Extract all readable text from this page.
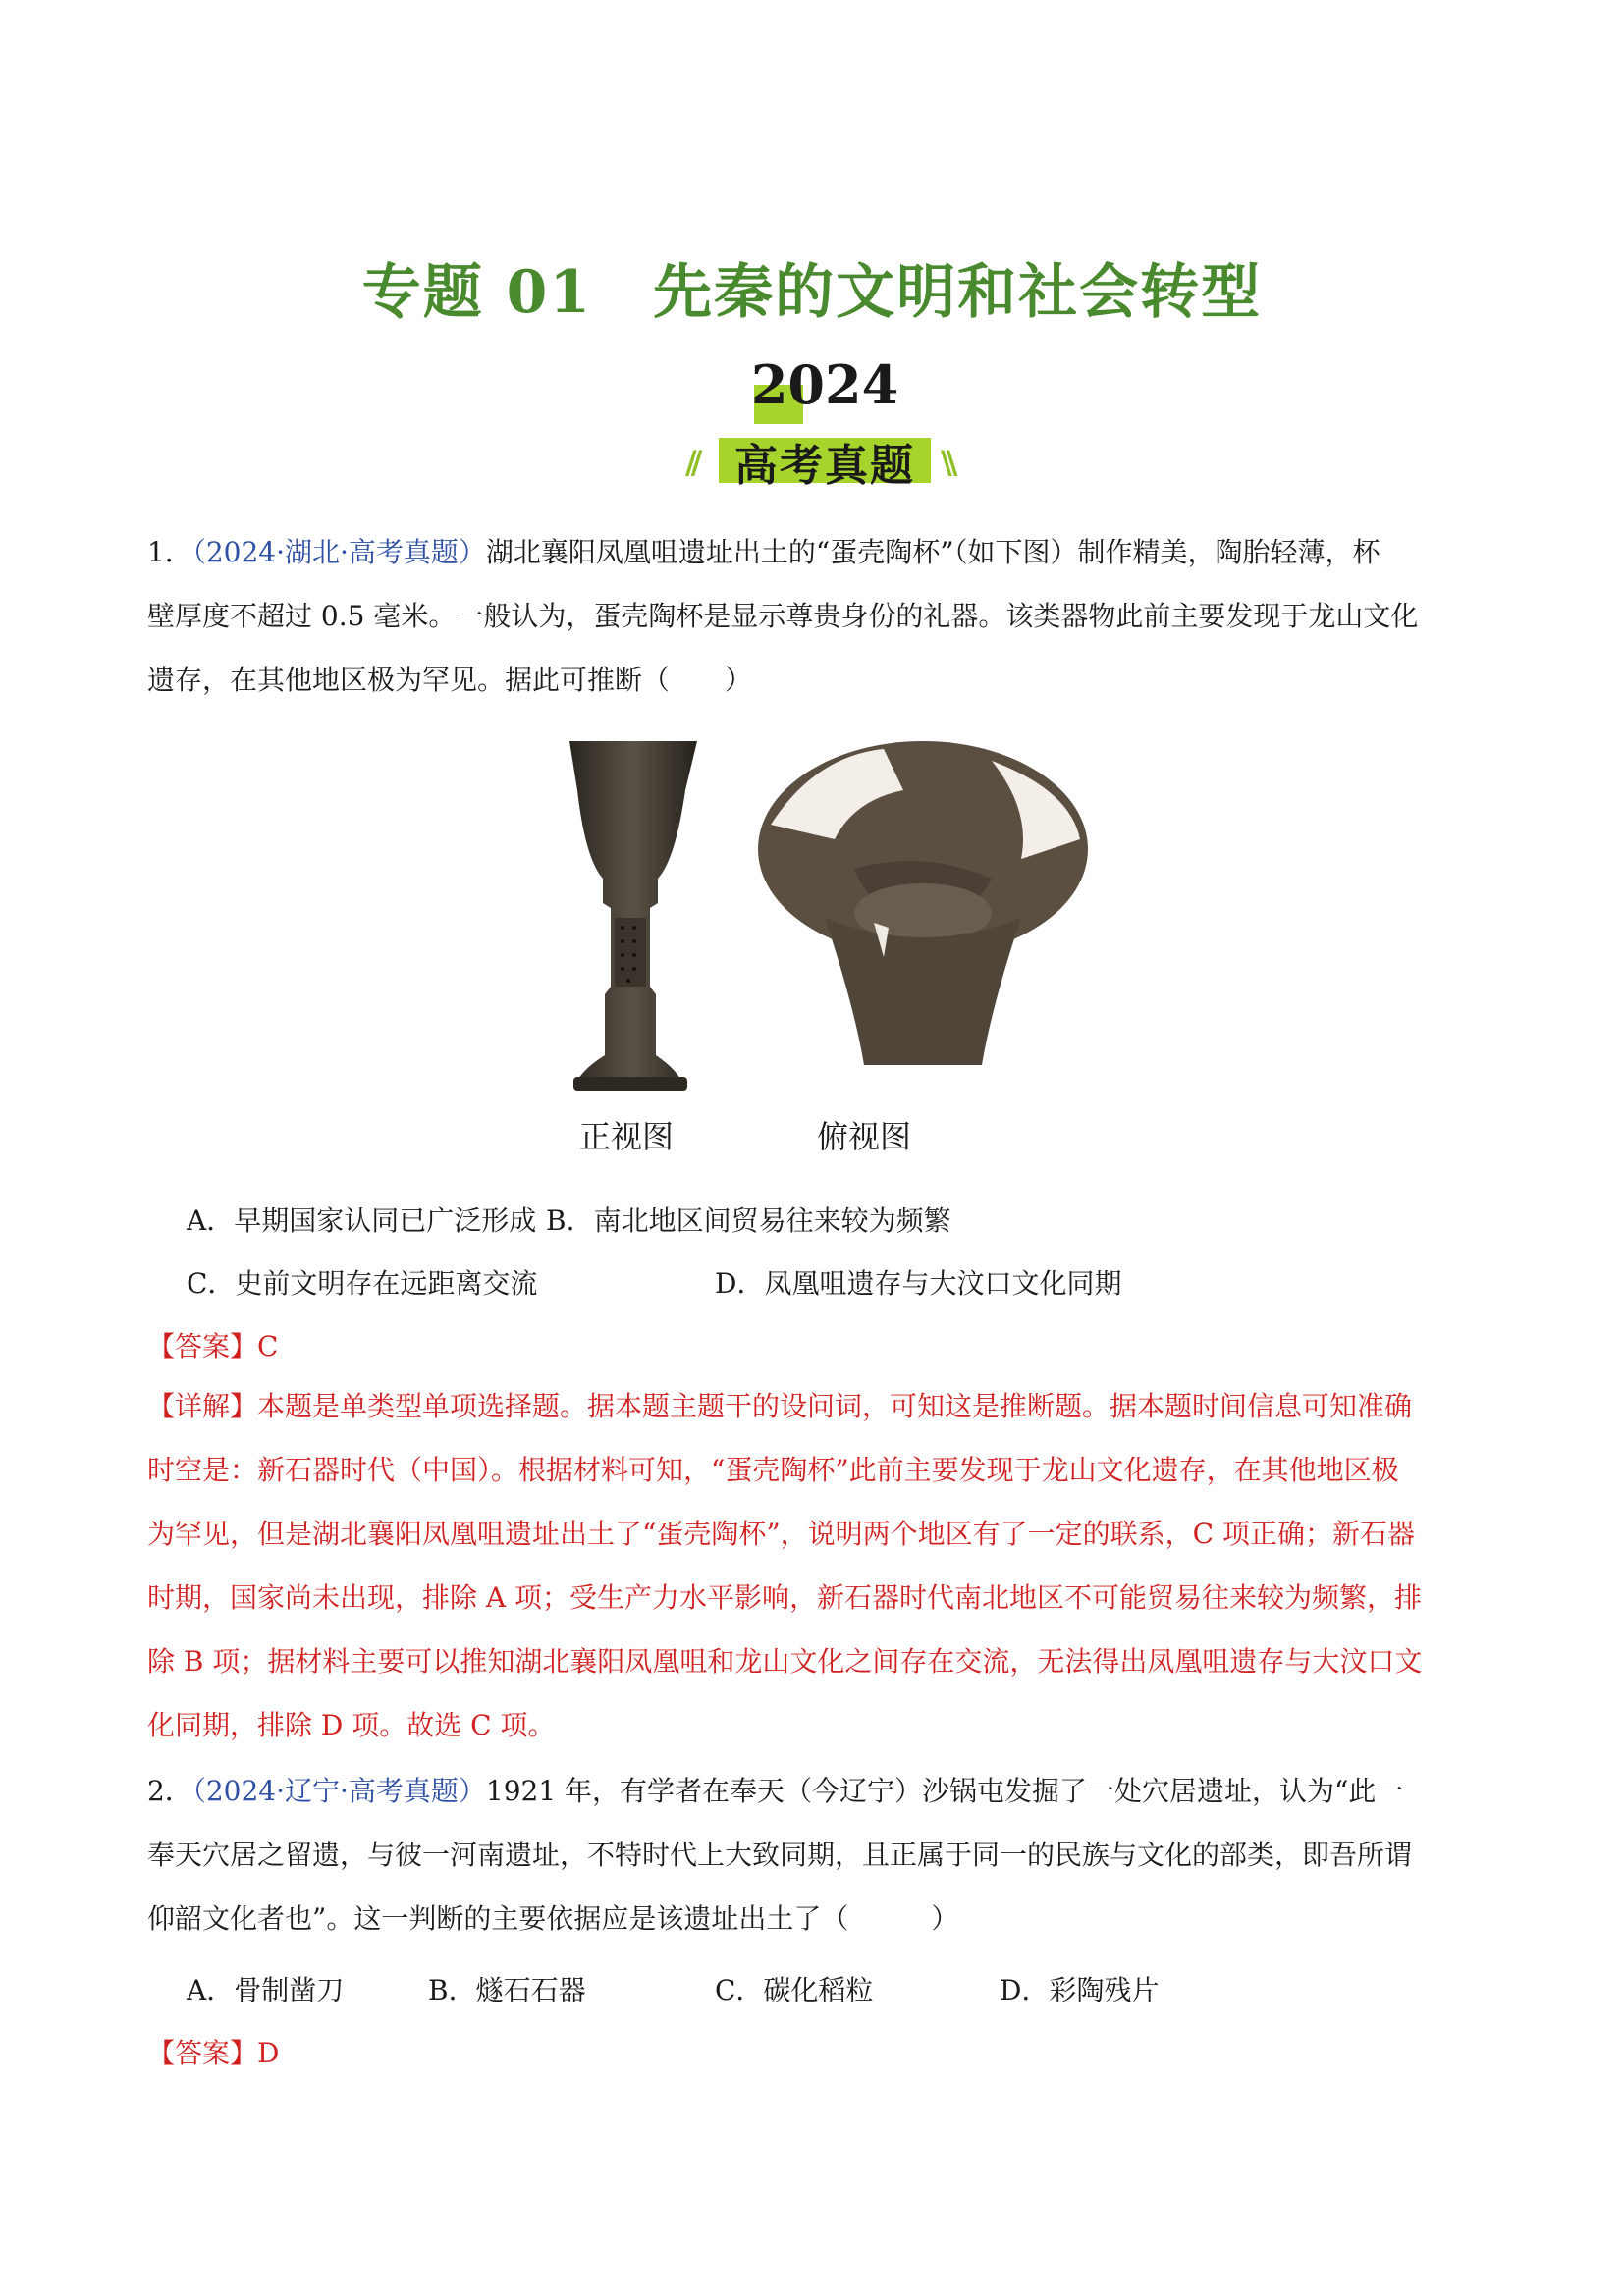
专题 01　先秦的文明和社会转型
2024
// 高考真题 \\

1．（2024·湖北·高考真题）湖北襄阳凤凰咀遗址出土的“蛋壳陶杯”（如下图）制作精美，陶胎轻薄，杯

壁厚度不超过 0.5 毫米。一般认为，蛋壳陶杯是显示尊贵身份的礼器。该类器物此前主要发现于龙山文化

遗存，在其他地区极为罕见。据此可推断（　　）

正视图	俯视图
A．早期国家认同已广泛形成 B．南北地区间贸易往来较为频繁
C．史前文明存在远距离交流	D．凤凰咀遗存与大汶口文化同期
【答案】C

【详解】本题是单类型单项选择题。据本题主题干的设问词，可知这是推断题。据本题时间信息可知准确

时空是：新石器时代（中国）。根据材料可知，“蛋壳陶杯”此前主要发现于龙山文化遗存，在其他地区极

为罕见，但是湖北襄阳凤凰咀遗址出土了“蛋壳陶杯”，说明两个地区有了一定的联系，C 项正确；新石器

时期，国家尚未出现，排除 A 项；受生产力水平影响，新石器时代南北地区不可能贸易往来较为频繁，排

除 B 项；据材料主要可以推知湖北襄阳凤凰咀和龙山文化之间存在交流，无法得出凤凰咀遗存与大汶口文

化同期，排除 D 项。故选 C 项。

2．（2024·辽宁·高考真题）1921 年，有学者在奉天（今辽宁）沙锅屯发掘了一处穴居遗址，认为“此一

奉天穴居之留遗，与彼一河南遗址，不特时代上大致同期，且正属于同一的民族与文化的部类，即吾所谓

仰韶文化者也”。这一判断的主要依据应是该遗址出土了（　　　）

A．骨制凿刀	B．燧石石器	C．碳化稻粒	D．彩陶残片
【答案】D
